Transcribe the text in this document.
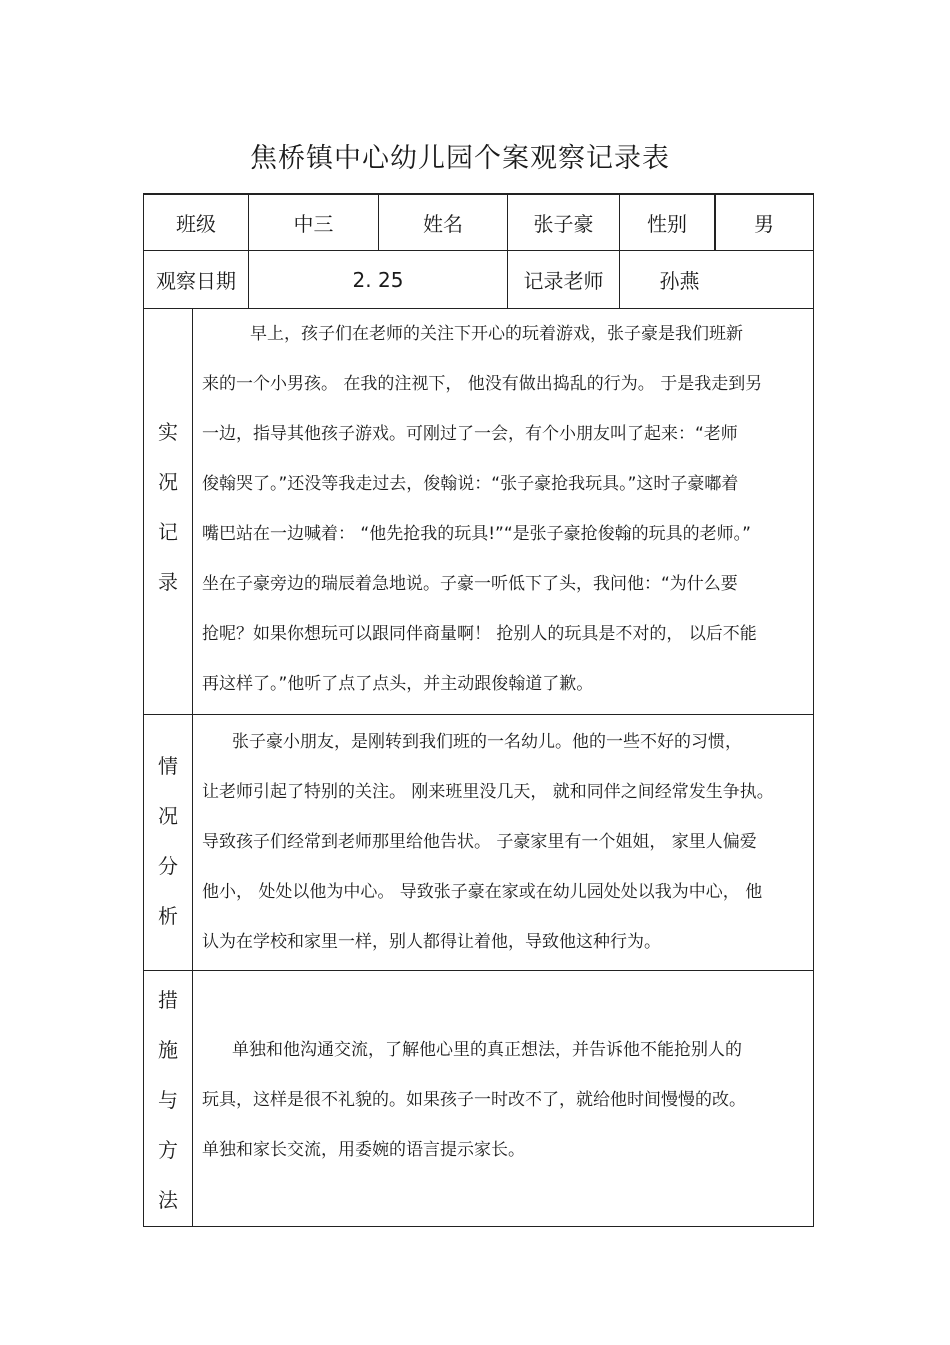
焦桥镇中心幼儿园个案观察记录表
班级	中三	姓名	张子豪	性别	男
观察日期	2. 25	记录老师	孙燕
实
况
记
录
早上，孩子们在老师的关注下开心的玩着游戏，张子豪是我们班新
来的一个小男孩。 在我的注视下， 他没有做出捣乱的行为。 于是我走到另
一边，指导其他孩子游戏。可刚过了一会，有个小朋友叫了起来：“老师
俊翰哭了。”还没等我走过去，俊翰说：“张子豪抢我玩具。”这时子豪嘟着
嘴巴站在一边喊着： “他先抢我的玩具!”“是张子豪抢俊翰的玩具的老师。”
坐在子豪旁边的瑞辰着急地说。子豪一听低下了头，我问他：“为什么要
抢呢？如果你想玩可以跟同伴商量啊！ 抢别人的玩具是不对的， 以后不能
再这样了。”他听了点了点头，并主动跟俊翰道了歉。
情
况
分
析
张子豪小朋友，是刚转到我们班的一名幼儿。他的一些不好的习惯，
让老师引起了特别的关注。 刚来班里没几天， 就和同伴之间经常发生争执。
导致孩子们经常到老师那里给他告状。 子豪家里有一个姐姐， 家里人偏爱
他小， 处处以他为中心。 导致张子豪在家或在幼儿园处处以我为中心， 他
认为在学校和家里一样，别人都得让着他，导致他这种行为。
措
施
与
方
法
单独和他沟通交流，了解他心里的真正想法，并告诉他不能抢别人的
玩具，这样是很不礼貌的。如果孩子一时改不了，就给他时间慢慢的改。
单独和家长交流，用委婉的语言提示家长。
